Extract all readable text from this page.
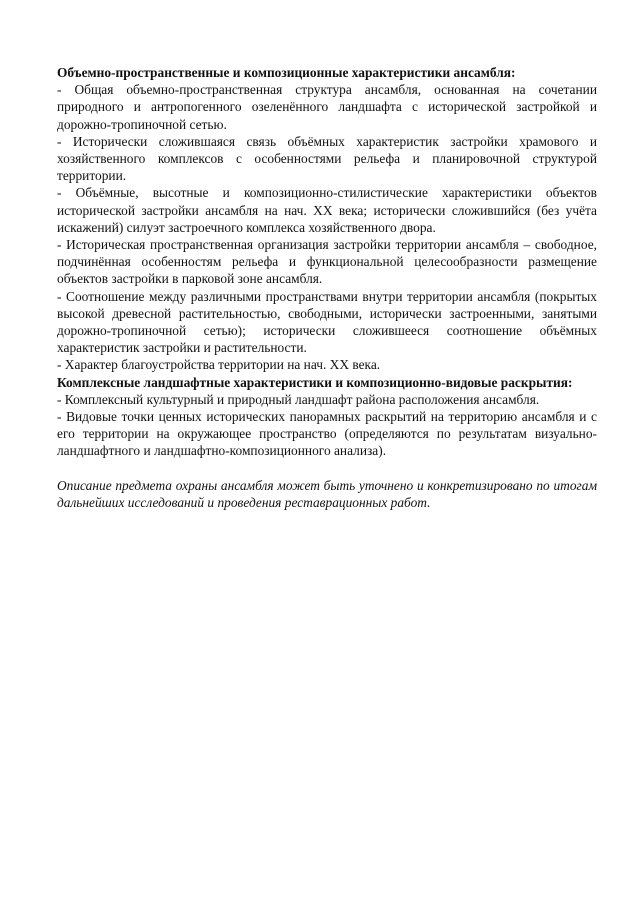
Объемно-пространственные и композиционные характеристики ансамбля:

- Общая объемно-пространственная структура ансамбля, основанная на сочетании природного и антропогенного озеленённого ландшафта с исторической застройкой и дорожно-тропиночной сетью.

- Исторически сложившаяся связь объёмных характеристик застройки храмового и хозяйственного комплексов с особенностями рельефа и планировочной структурой территории.

- Объёмные, высотные и композиционно-стилистические характеристики объектов исторической застройки ансамбля на нач. XX века; исторически сложившийся (без учёта искажений) силуэт застроечного комплекса хозяйственного двора.

- Историческая пространственная организация застройки территории ансамбля – свободное, подчинённая особенностям рельефа и функциональной целесообразности размещение объектов застройки в парковой зоне ансамбля.

- Соотношение между различными пространствами внутри территории ансамбля (покрытых высокой древесной растительностью, свободными, исторически застроенными, занятыми дорожно-тропиночной сетью); исторически сложившееся соотношение объёмных характеристик застройки и растительности.

- Характер благоустройства территории на нач. XX века.

Комплексные ландшафтные характеристики и композиционно-видовые раскрытия:

- Комплексный культурный и природный ландшафт района расположения ансамбля.

- Видовые точки ценных исторических панорамных раскрытий на территорию ансамбля и с его территории на окружающее пространство (определяются по результатам визуально-ландшафтного и ландшафтно-композиционного анализа).

Описание предмета охраны ансамбля может быть уточнено и конкретизировано по итогам дальнейших исследований и проведения реставрационных работ.
